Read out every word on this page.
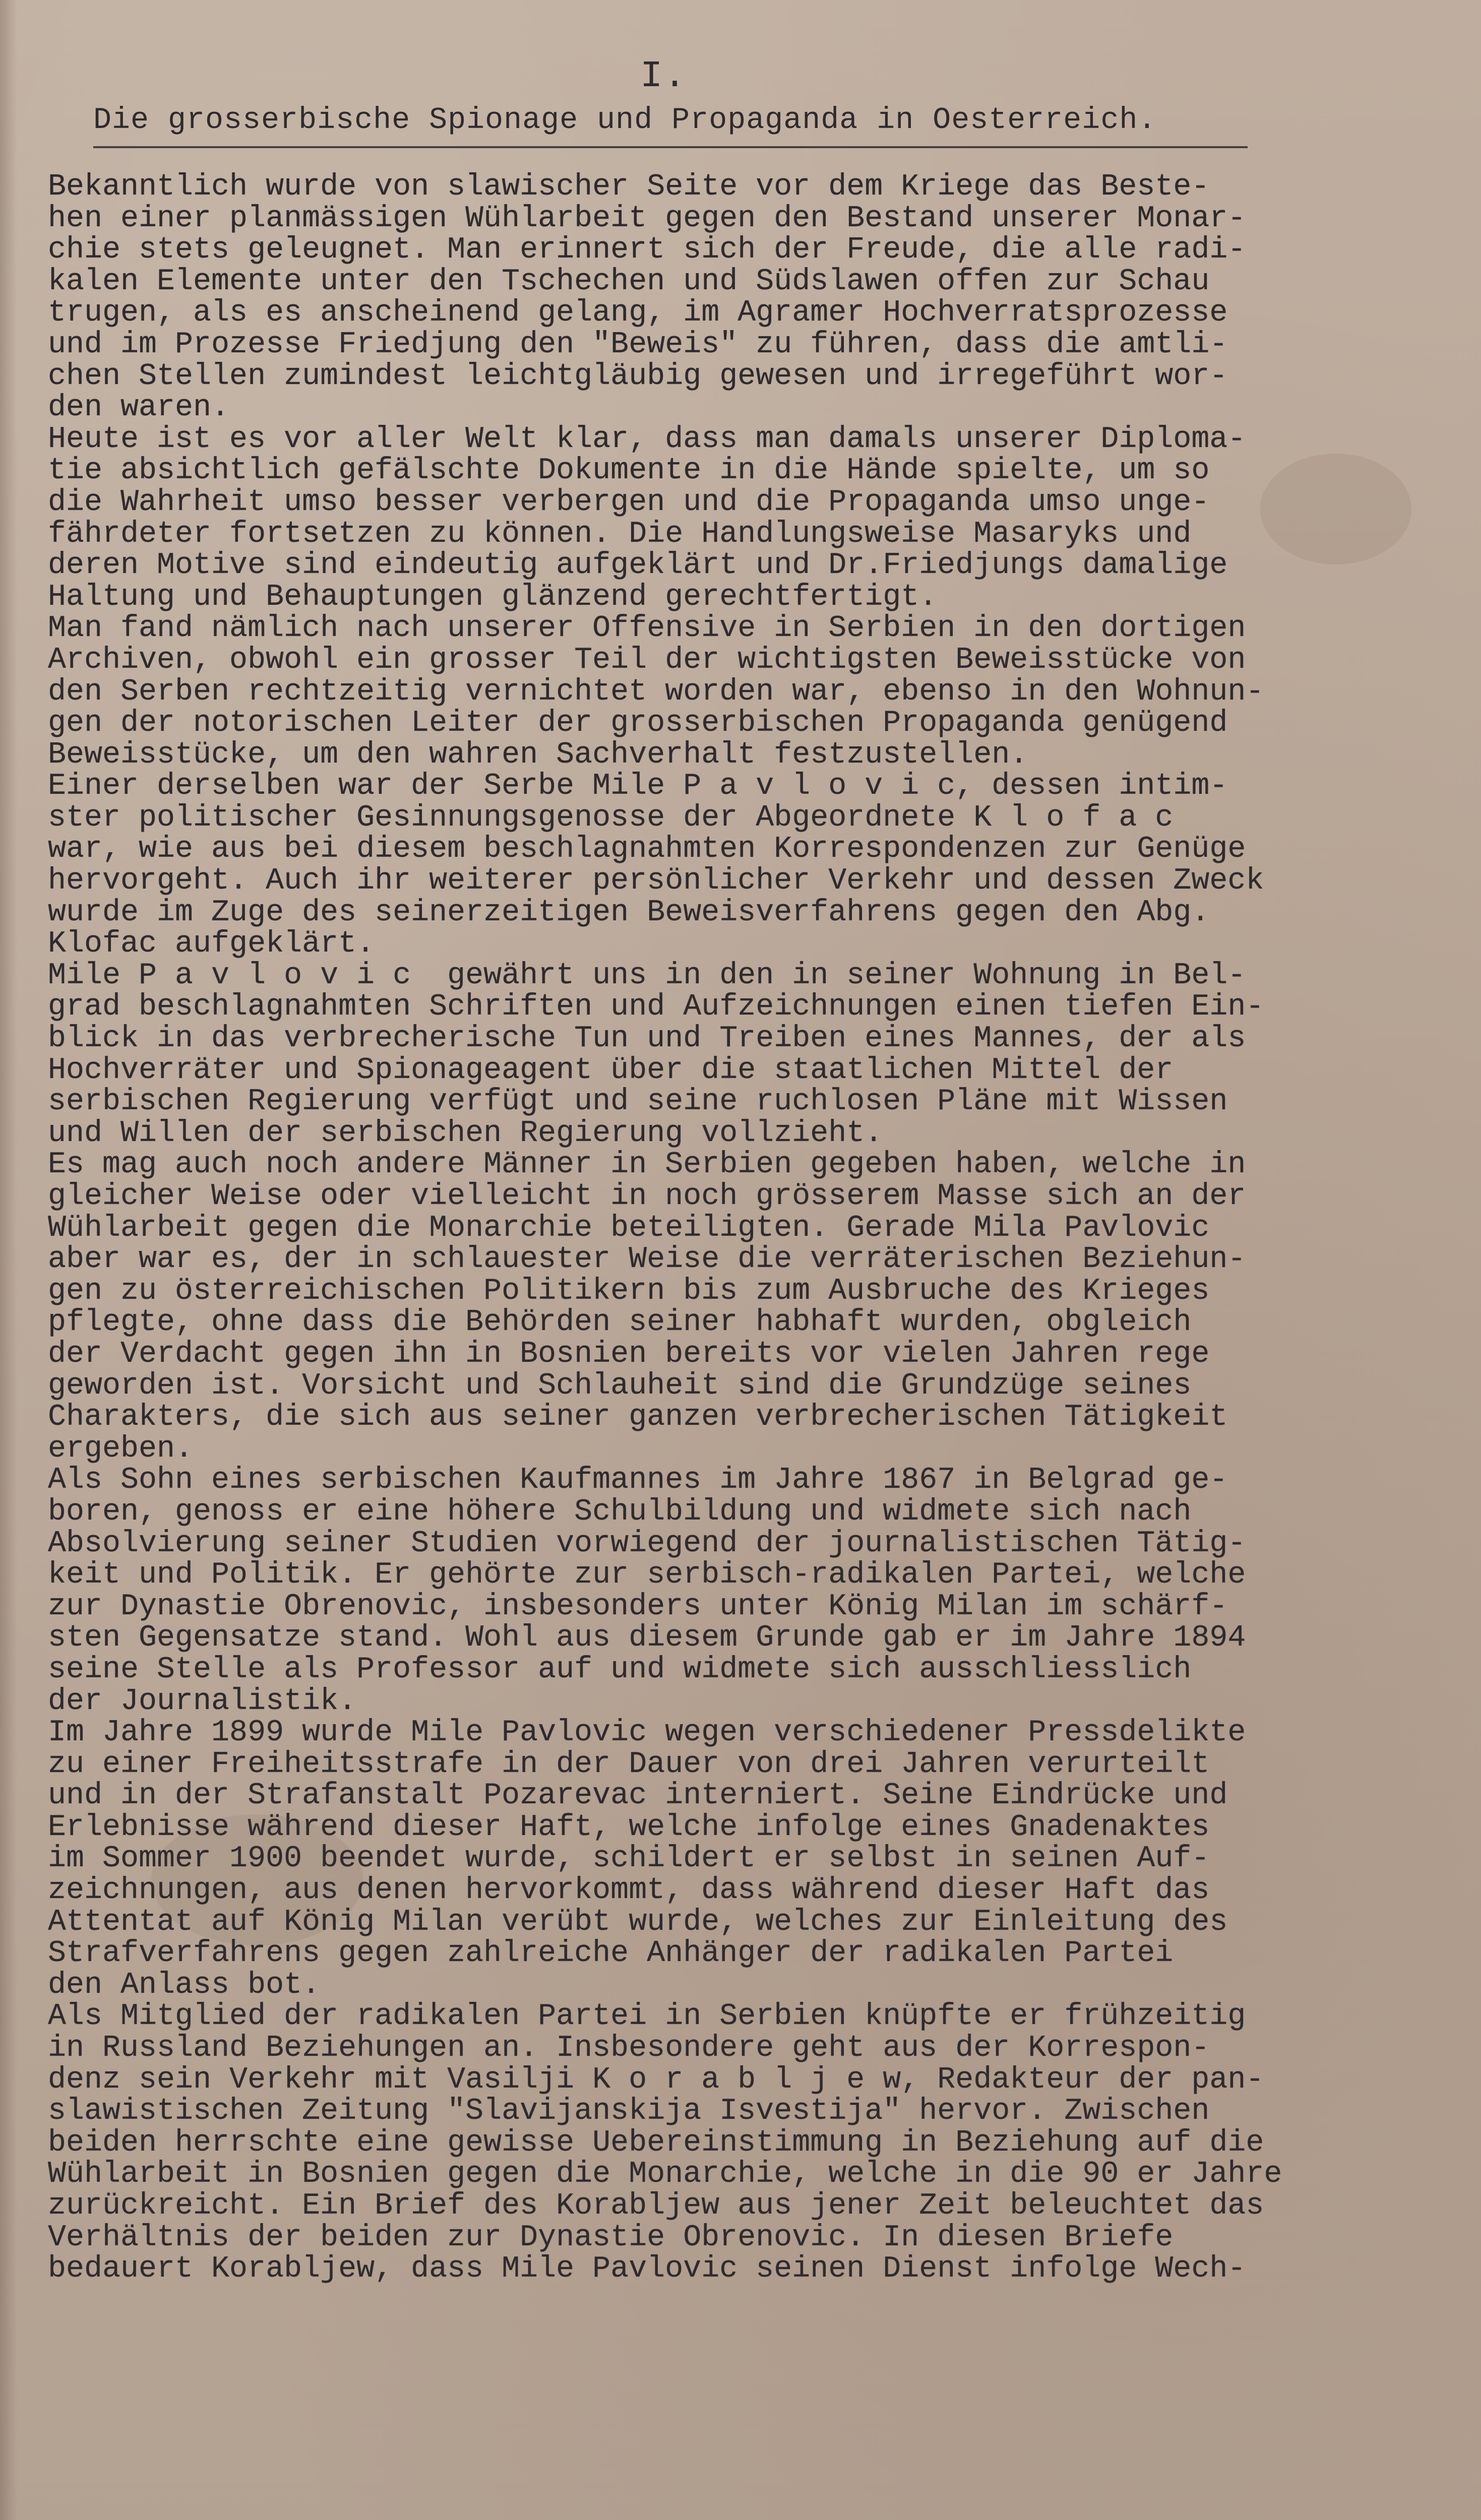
I.
Die grosserbische Spionage und Propaganda in Oesterreich.
Bekanntlich wurde von slawischer Seite vor dem Kriege das Beste-
hen einer planmässigen Wühlarbeit gegen den Bestand unserer Monar-
chie stets geleugnet. Man erinnert sich der Freude, die alle radi-
kalen Elemente unter den Tschechen und Südslawen offen zur Schau
trugen, als es anscheinend gelang, im Agramer Hochverratsprozesse
und im Prozesse Friedjung den "Beweis" zu führen, dass die amtli-
chen Stellen zumindest leichtgläubig gewesen und irregeführt wor-
den waren.
Heute ist es vor aller Welt klar, dass man damals unserer Diploma-
tie absichtlich gefälschte Dokumente in die Hände spielte, um so
die Wahrheit umso besser verbergen und die Propaganda umso unge-
fährdeter fortsetzen zu können. Die Handlungsweise Masaryks und
deren Motive sind eindeutig aufgeklärt und Dr.Friedjungs damalige
Haltung und Behauptungen glänzend gerechtfertigt.
Man fand nämlich nach unserer Offensive in Serbien in den dortigen
Archiven, obwohl ein grosser Teil der wichtigsten Beweisstücke von
den Serben rechtzeitig vernichtet worden war, ebenso in den Wohnun-
gen der notorischen Leiter der grosserbischen Propaganda genügend
Beweisstücke, um den wahren Sachverhalt festzustellen.
Einer derselben war der Serbe Mile P a v l o v i c, dessen intim-
ster politischer Gesinnungsgenosse der Abgeordnete K l o f a c
war, wie aus bei diesem beschlagnahmten Korrespondenzen zur Genüge
hervorgeht. Auch ihr weiterer persönlicher Verkehr und dessen Zweck
wurde im Zuge des seinerzeitigen Beweisverfahrens gegen den Abg.
Klofac aufgeklärt.
Mile P a v l o v i c  gewährt uns in den in seiner Wohnung in Bel-
grad beschlagnahmten Schriften und Aufzeichnungen einen tiefen Ein-
blick in das verbrecherische Tun und Treiben eines Mannes, der als
Hochverräter und Spionageagent über die staatlichen Mittel der
serbischen Regierung verfügt und seine ruchlosen Pläne mit Wissen
und Willen der serbischen Regierung vollzieht.
Es mag auch noch andere Männer in Serbien gegeben haben, welche in
gleicher Weise oder vielleicht in noch grösserem Masse sich an der
Wühlarbeit gegen die Monarchie beteiligten. Gerade Mila Pavlovic
aber war es, der in schlauester Weise die verräterischen Beziehun-
gen zu österreichischen Politikern bis zum Ausbruche des Krieges
pflegte, ohne dass die Behörden seiner habhaft wurden, obgleich
der Verdacht gegen ihn in Bosnien bereits vor vielen Jahren rege
geworden ist. Vorsicht und Schlauheit sind die Grundzüge seines
Charakters, die sich aus seiner ganzen verbrecherischen Tätigkeit
ergeben.
Als Sohn eines serbischen Kaufmannes im Jahre 1867 in Belgrad ge-
boren, genoss er eine höhere Schulbildung und widmete sich nach
Absolvierung seiner Studien vorwiegend der journalistischen Tätig-
keit und Politik. Er gehörte zur serbisch-radikalen Partei, welche
zur Dynastie Obrenovic, insbesonders unter König Milan im schärf-
sten Gegensatze stand. Wohl aus diesem Grunde gab er im Jahre 1894
seine Stelle als Professor auf und widmete sich ausschliesslich
der Journalistik.
Im Jahre 1899 wurde Mile Pavlovic wegen verschiedener Pressdelikte
zu einer Freiheitsstrafe in der Dauer von drei Jahren verurteilt
und in der Strafanstalt Pozarevac interniert. Seine Eindrücke und
Erlebnisse während dieser Haft, welche infolge eines Gnadenaktes
im Sommer 1900 beendet wurde, schildert er selbst in seinen Auf-
zeichnungen, aus denen hervorkommt, dass während dieser Haft das
Attentat auf König Milan verübt wurde, welches zur Einleitung des
Strafverfahrens gegen zahlreiche Anhänger der radikalen Partei
den Anlass bot.
Als Mitglied der radikalen Partei in Serbien knüpfte er frühzeitig
in Russland Beziehungen an. Insbesondere geht aus der Korrespon-
denz sein Verkehr mit Vasilji K o r a b l j e w, Redakteur der pan-
slawistischen Zeitung "Slavijanskija Isvestija" hervor. Zwischen
beiden herrschte eine gewisse Uebereinstimmung in Beziehung auf die
Wühlarbeit in Bosnien gegen die Monarchie, welche in die 90 er Jahre
zurückreicht. Ein Brief des Korabljew aus jener Zeit beleuchtet das
Verhältnis der beiden zur Dynastie Obrenovic. In diesen Briefe
bedauert Korabljew, dass Mile Pavlovic seinen Dienst infolge Wech-
